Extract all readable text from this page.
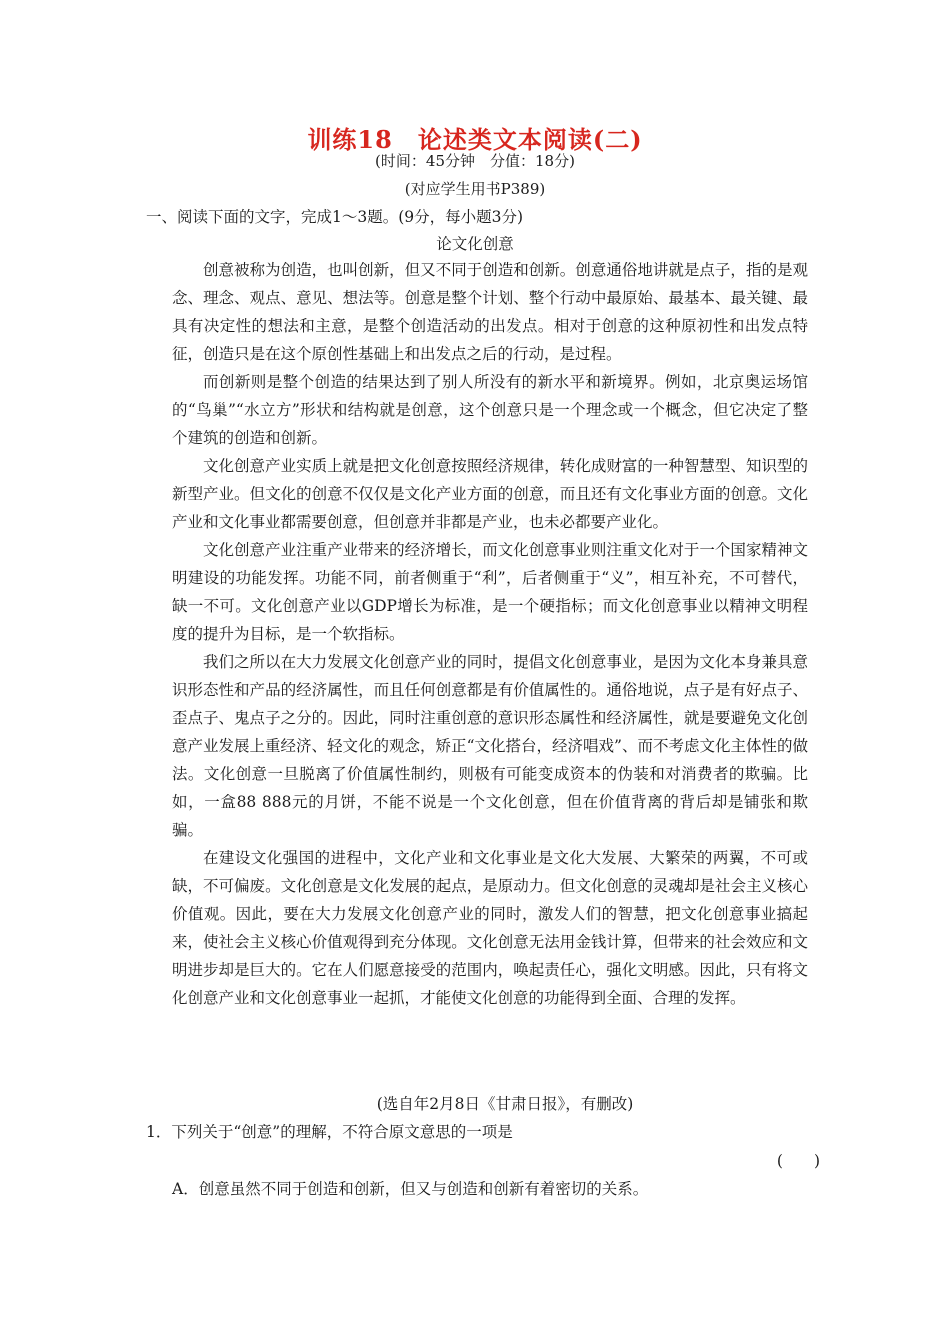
训练18　论述类文本阅读(二)
(时间：45分钟　分值：18分)
(对应学生用书P389)
一、阅读下面的文字，完成1～3题。(9分，每小题3分)
论文化创意

创意被称为创造，也叫创新，但又不同于创造和创新。创意通俗地讲就是点子，指的是观念、理念、观点、意见、想法等。创意是整个计划、整个行动中最原始、最基本、最关键、最具有决定性的想法和主意，是整个创造活动的出发点。相对于创意的这种原初性和出发点特征，创造只是在这个原创性基础上和出发点之后的行动，是过程。

而创新则是整个创造的结果达到了别人所没有的新水平和新境界。例如，北京奥运场馆的“鸟巢”“水立方”形状和结构就是创意，这个创意只是一个理念或一个概念，但它决定了整个建筑的创造和创新。

文化创意产业实质上就是把文化创意按照经济规律，转化成财富的一种智慧型、知识型的新型产业。但文化的创意不仅仅是文化产业方面的创意，而且还有文化事业方面的创意。文化产业和文化事业都需要创意，但创意并非都是产业，也未必都要产业化。

文化创意产业注重产业带来的经济增长，而文化创意事业则注重文化对于一个国家精神文明建设的功能发挥。功能不同，前者侧重于“利”，后者侧重于“义”，相互补充，不可替代，缺一不可。文化创意产业以GDP增长为标准，是一个硬指标；而文化创意事业以精神文明程度的提升为目标，是一个软指标。

我们之所以在大力发展文化创意产业的同时，提倡文化创意事业，是因为文化本身兼具意识形态性和产品的经济属性，而且任何创意都是有价值属性的。通俗地说，点子是有好点子、歪点子、鬼点子之分的。因此，同时注重创意的意识形态属性和经济属性，就是要避免文化创意产业发展上重经济、轻文化的观念，矫正“文化搭台，经济唱戏”、而不考虑文化主体性的做法。文化创意一旦脱离了价值属性制约，则极有可能变成资本的伪装和对消费者的欺骗。比如，一盒88 888元的月饼，不能不说是一个文化创意，但在价值背离的背后却是铺张和欺骗。

在建设文化强国的进程中，文化产业和文化事业是文化大发展、大繁荣的两翼，不可或缺，不可偏废。文化创意是文化发展的起点，是原动力。但文化创意的灵魂却是社会主义核心价值观。因此，要在大力发展文化创意产业的同时，激发人们的智慧，把文化创意事业搞起来，使社会主义核心价值观得到充分体现。文化创意无法用金钱计算，但带来的社会效应和文明进步却是巨大的。它在人们愿意接受的范围内，唤起责任心，强化文明感。因此，只有将文化创意产业和文化创意事业一起抓，才能使文化创意的功能得到全面、合理的发挥。

(选自年2月8日《甘肃日报》，有删改)
1．下列关于“创意”的理解，不符合原文意思的一项是
(　　)
A．创意虽然不同于创造和创新，但又与创造和创新有着密切的关系。
